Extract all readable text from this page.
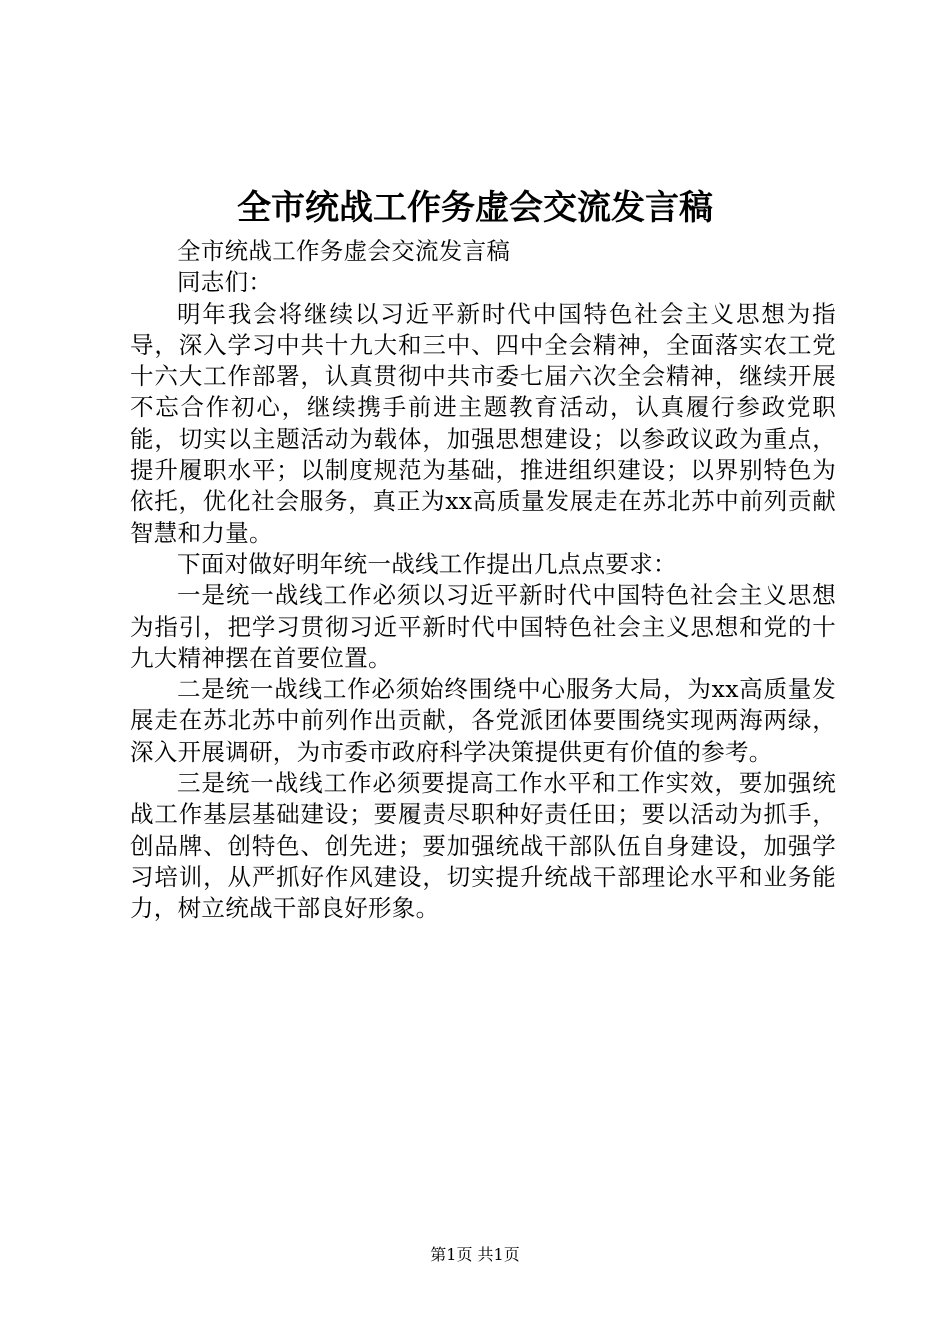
全市统战工作务虚会交流发言稿

全市统战工作务虚会交流发言稿

同志们：

明年我会将继续以习近平新时代中国特色社会主义思想为指导，深入学习中共十九大和三中、四中全会精神，全面落实农工党十六大工作部署，认真贯彻中共市委七届六次全会精神，继续开展不忘合作初心，继续携手前进主题教育活动，认真履行参政党职能，切实以主题活动为载体，加强思想建设；以参政议政为重点，提升履职水平；以制度规范为基础，推进组织建设；以界别特色为依托，优化社会服务，真正为xx高质量发展走在苏北苏中前列贡献智慧和力量。

下面对做好明年统一战线工作提出几点点要求：

一是统一战线工作必须以习近平新时代中国特色社会主义思想为指引，把学习贯彻习近平新时代中国特色社会主义思想和党的十九大精神摆在首要位置。

二是统一战线工作必须始终围绕中心服务大局，为xx高质量发展走在苏北苏中前列作出贡献，各党派团体要围绕实现两海两绿，深入开展调研，为市委市政府科学决策提供更有价值的参考。

三是统一战线工作必须要提高工作水平和工作实效，要加强统战工作基层基础建设；要履责尽职种好责任田；要以活动为抓手，创品牌、创特色、创先进；要加强统战干部队伍自身建设，加强学习培训，从严抓好作风建设，切实提升统战干部理论水平和业务能力，树立统战干部良好形象。

第1页 共1页
